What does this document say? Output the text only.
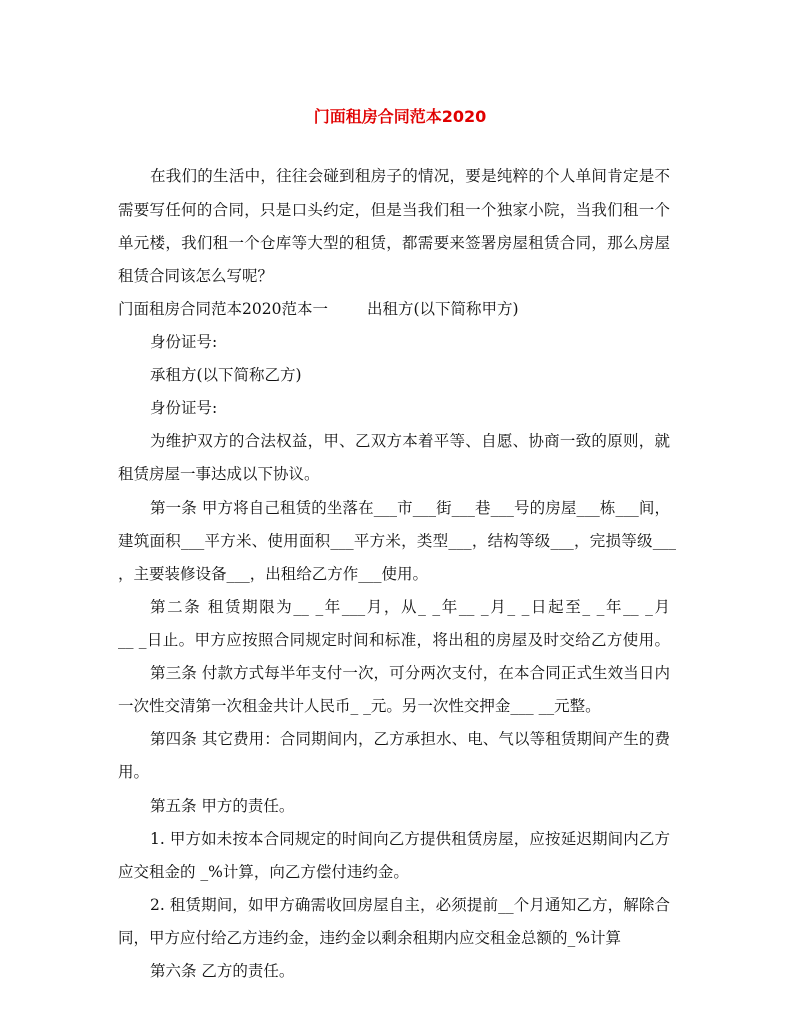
门面租房合同范本2020
在我们的生活中，往往会碰到租房子的情况，要是纯粹的个人单间肯定是不
需要写任何的合同，只是口头约定，但是当我们租一个独家小院，当我们租一个
单元楼，我们租一个仓库等大型的租赁，都需要来签署房屋租赁合同，那么房屋
租赁合同该怎么写呢？
门面租房合同范本2020范本一	出租方(以下简称甲方)
身份证号:
承租方(以下简称乙方)
身份证号:
为维护双方的合法权益，甲、乙双方本着平等、自愿、协商一致的原则，就
租赁房屋一事达成以下协议。
第一条 甲方将自己租赁的坐落在___市___街___巷___号的房屋___栋___间，
建筑面积___平方米、使用面积___平方米，类型___，结构等级___，完损等级___
，主要装修设备___，出租给乙方作___使用。
第二条 租赁期限为__ _年___月，从_ _年__ _月_ _日起至_ _年__ _月
__ _日止。甲方应按照合同规定时间和标准，将出租的房屋及时交给乙方使用。
第三条 付款方式每半年支付一次，可分两次支付，在本合同正式生效当日内
一次性交清第一次租金共计人民币_ _元。另一次性交押金___ __元整。
第四条 其它费用：合同期间内，乙方承担水、电、气以等租赁期间产生的费
用。
第五条 甲方的责任。
1. 甲方如未按本合同规定的时间向乙方提供租赁房屋，应按延迟期间内乙方
应交租金的 _%计算，向乙方偿付违约金。
2. 租赁期间，如甲方确需收回房屋自主，必须提前__个月通知乙方，解除合
同，甲方应付给乙方违约金，违约金以剩余租期内应交租金总额的_%计算
第六条 乙方的责任。
